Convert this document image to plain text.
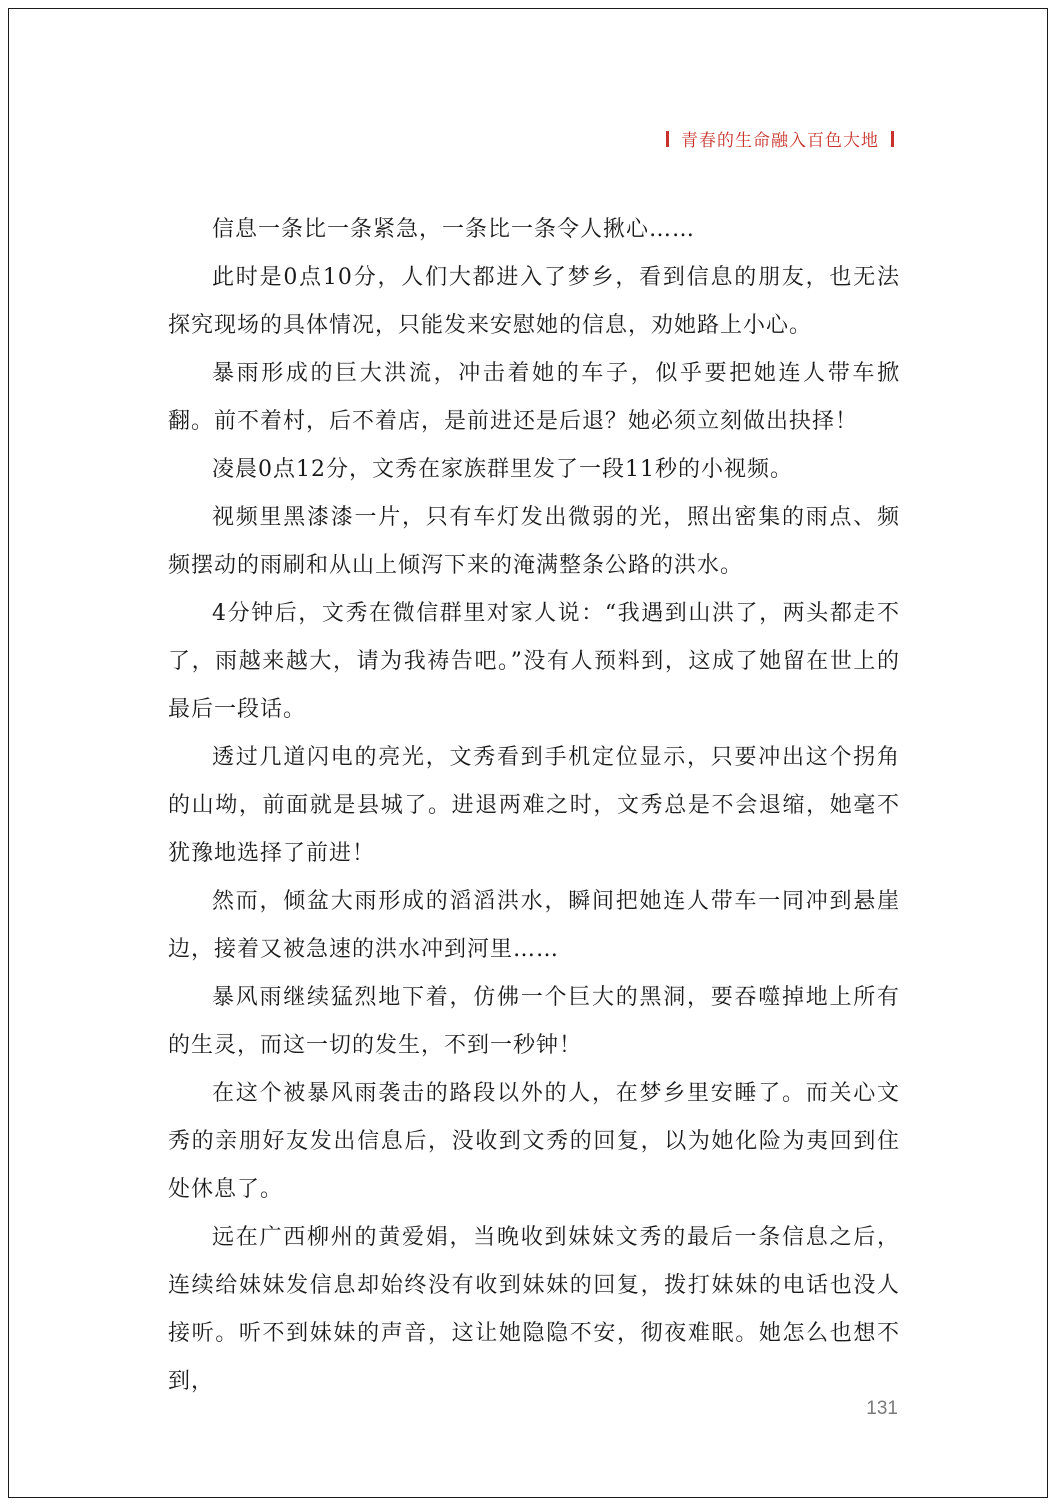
青春的生命融入百色大地

信息一条比一条紧急，一条比一条令人揪心……

此时是0点10分，人们大都进入了梦乡，看到信息的朋友，也无法探究现场的具体情况，只能发来安慰她的信息，劝她路上小心。

暴雨形成的巨大洪流，冲击着她的车子，似乎要把她连人带车掀翻。前不着村，后不着店，是前进还是后退？她必须立刻做出抉择！

凌晨0点12分，文秀在家族群里发了一段11秒的小视频。

视频里黑漆漆一片，只有车灯发出微弱的光，照出密集的雨点、频频摆动的雨刷和从山上倾泻下来的淹满整条公路的洪水。

4分钟后，文秀在微信群里对家人说：“我遇到山洪了，两头都走不了，雨越来越大，请为我祷告吧。”没有人预料到，这成了她留在世上的最后一段话。

透过几道闪电的亮光，文秀看到手机定位显示，只要冲出这个拐角的山坳，前面就是县城了。进退两难之时，文秀总是不会退缩，她毫不犹豫地选择了前进！

然而，倾盆大雨形成的滔滔洪水，瞬间把她连人带车一同冲到悬崖边，接着又被急速的洪水冲到河里……

暴风雨继续猛烈地下着，仿佛一个巨大的黑洞，要吞噬掉地上所有的生灵，而这一切的发生，不到一秒钟！

在这个被暴风雨袭击的路段以外的人，在梦乡里安睡了。而关心文秀的亲朋好友发出信息后，没收到文秀的回复，以为她化险为夷回到住处休息了。

远在广西柳州的黄爱娟，当晚收到妹妹文秀的最后一条信息之后，连续给妹妹发信息却始终没有收到妹妹的回复，拨打妹妹的电话也没人接听。听不到妹妹的声音，这让她隐隐不安，彻夜难眠。她怎么也想不到，

131
